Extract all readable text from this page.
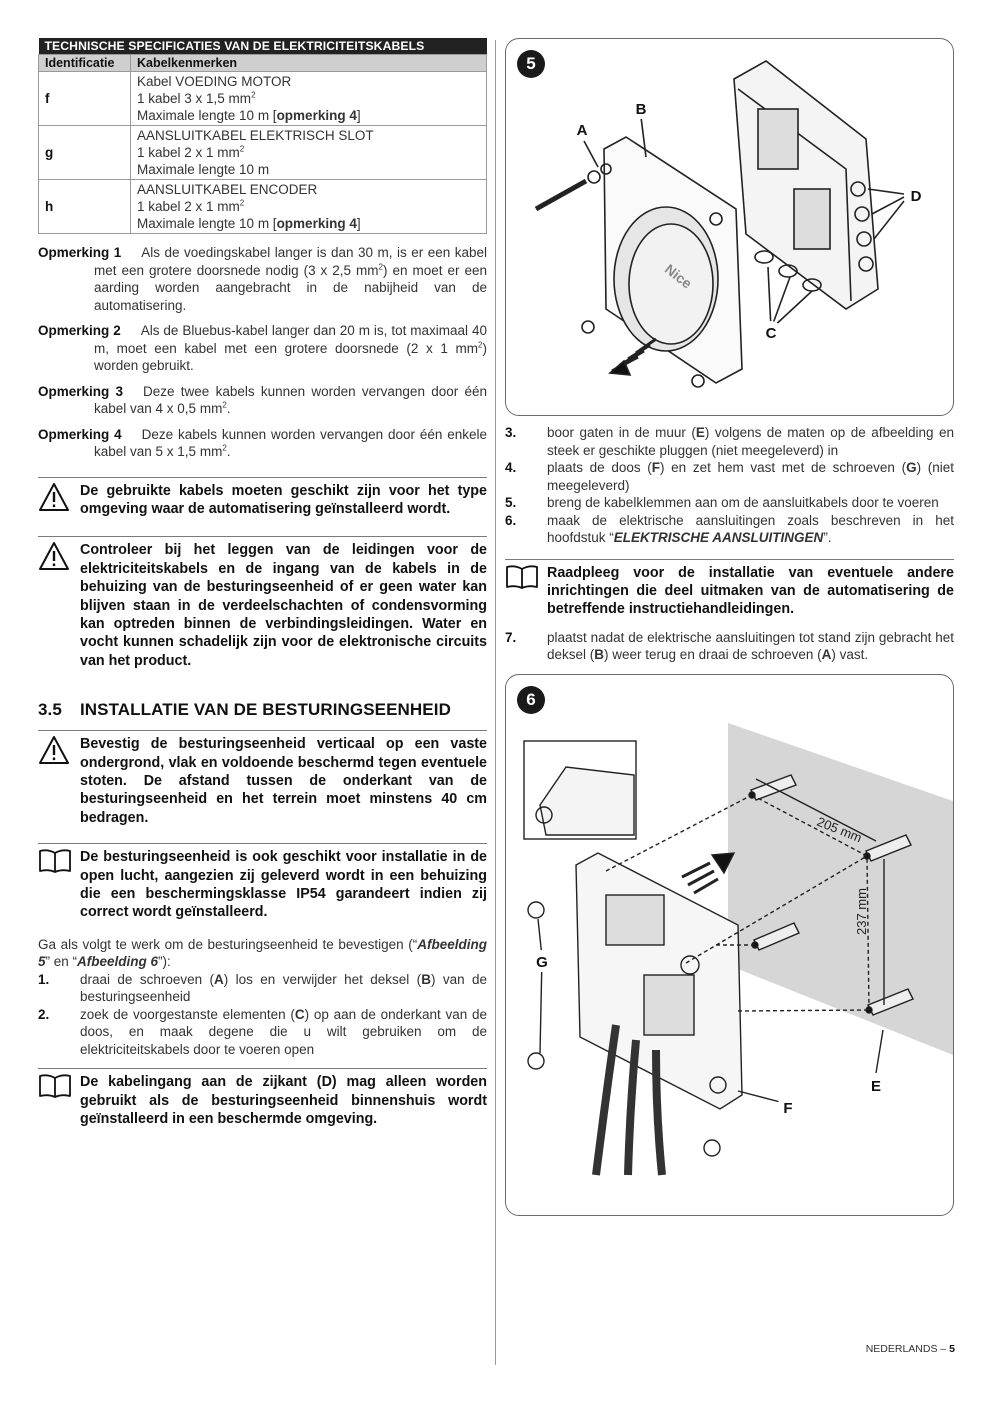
TECHNISCHE SPECIFICATIES VAN DE ELEKTRICITEITSKABELS	
Identificatie	Kabelkenmerken
f	Kabel VOEDING MOTOR
1 kabel 3 x 1,5 $mm^2$
Maximale lengte 10 m [opmerking 4]

g	AANSLUITKABEL ELEKTRISCH SLOT
1 kabel 2 x 1 $mm^2$
Maximale lengte 10 m

h	AANSLUITKABEL ENCODER
1 kabel 2 x 1 $mm^2$
Maximale lengte 10 m [opmerking 4]
Opmerking 1 Als de voedingskabel langer is dan 30 m, is er een kabel met een grotere doorsnede nodig (3 x 2,5 $mm^2$) en moet er een aarding worden aangebracht in de nabijheid van de automatisering.
Opmerking 2 Als de Bluebus-kabel langer dan 20 m is, tot maximaal 40 m, moet een kabel met een grotere doorsnede (2 x 1 $mm^2$) worden gebruikt.
Opmerking 3 Deze twee kabels kunnen worden vervangen door één kabel van 4 x 0,5 $mm^2$.
Opmerking 4 Deze kabels kunnen worden vervangen door één enkele kabel van 5 x 1,5 $mm^2$.
De gebruikte kabels moeten geschikt zijn voor het type omgeving waar de automatisering geïnstalleerd wordt.
Controleer bij het leggen van de leidingen voor de elektriciteitskabels en de ingang van de kabels in de behuizing van de besturingseenheid of er geen water kan blijven staan in de verdeelschachten of condensvorming kan optreden binnen de verbindingsleidingen. Water en vocht kunnen schadelijk zijn voor de elektronische circuits van het product.
3.5 INSTALLATIE VAN DE BESTURINGSEENHEID
Bevestig de besturingseenheid verticaal op een vaste ondergrond, vlak en voldoende beschermd tegen eventuele stoten. De afstand tussen de onderkant van de besturingseenheid en het terrein moet minstens 40 cm bedragen.
De besturingseenheid is ook geschikt voor installatie in de open lucht, aangezien zij geleverd wordt in een behuizing die een beschermingsklasse IP54 garandeert indien zij correct wordt geïnstalleerd.
Ga als volgt te werk om de besturingseenheid te bevestigen (“Afbeelding 5” en “Afbeelding 6”):
1.	draai de schroeven (A) los en verwijder het deksel (B) van de besturingseenheid
2.	zoek de voorgestanste elementen (C) op aan de onderkant van de doos, en maak degene die u wilt gebruiken om de elektriciteitskabels door te voeren open
De kabelingang aan de zijkant (D) mag alleen worden gebruikt als de besturingseenheid binnenshuis wordt geïnstalleerd in een beschermde omgeving.
5
Nice
A
B
C
D
3.	boor gaten in de muur (E) volgens de maten op de afbeelding en steek er geschikte pluggen (niet meegeleverd) in
4.	plaats de doos (F) en zet hem vast met de schroeven (G) (niet meegeleverd)
5.	breng de kabelklemmen aan om de aansluitkabels door te voeren
6.	maak de elektrische aansluitingen zoals beschreven in het hoofdstuk “ELEKTRISCHE AANSLUITINGEN”.
Raadpleeg voor de installatie van eventuele andere inrichtingen die deel uitmaken van de automatisering de betreffende instructiehandleidingen.
7.	plaatst nadat de elektrische aansluitingen tot stand zijn gebracht het deksel (B) weer terug en draai de schroeven (A) vast.
6
205 mm
237 mm
G
E
F
NEDERLANDS – 5
